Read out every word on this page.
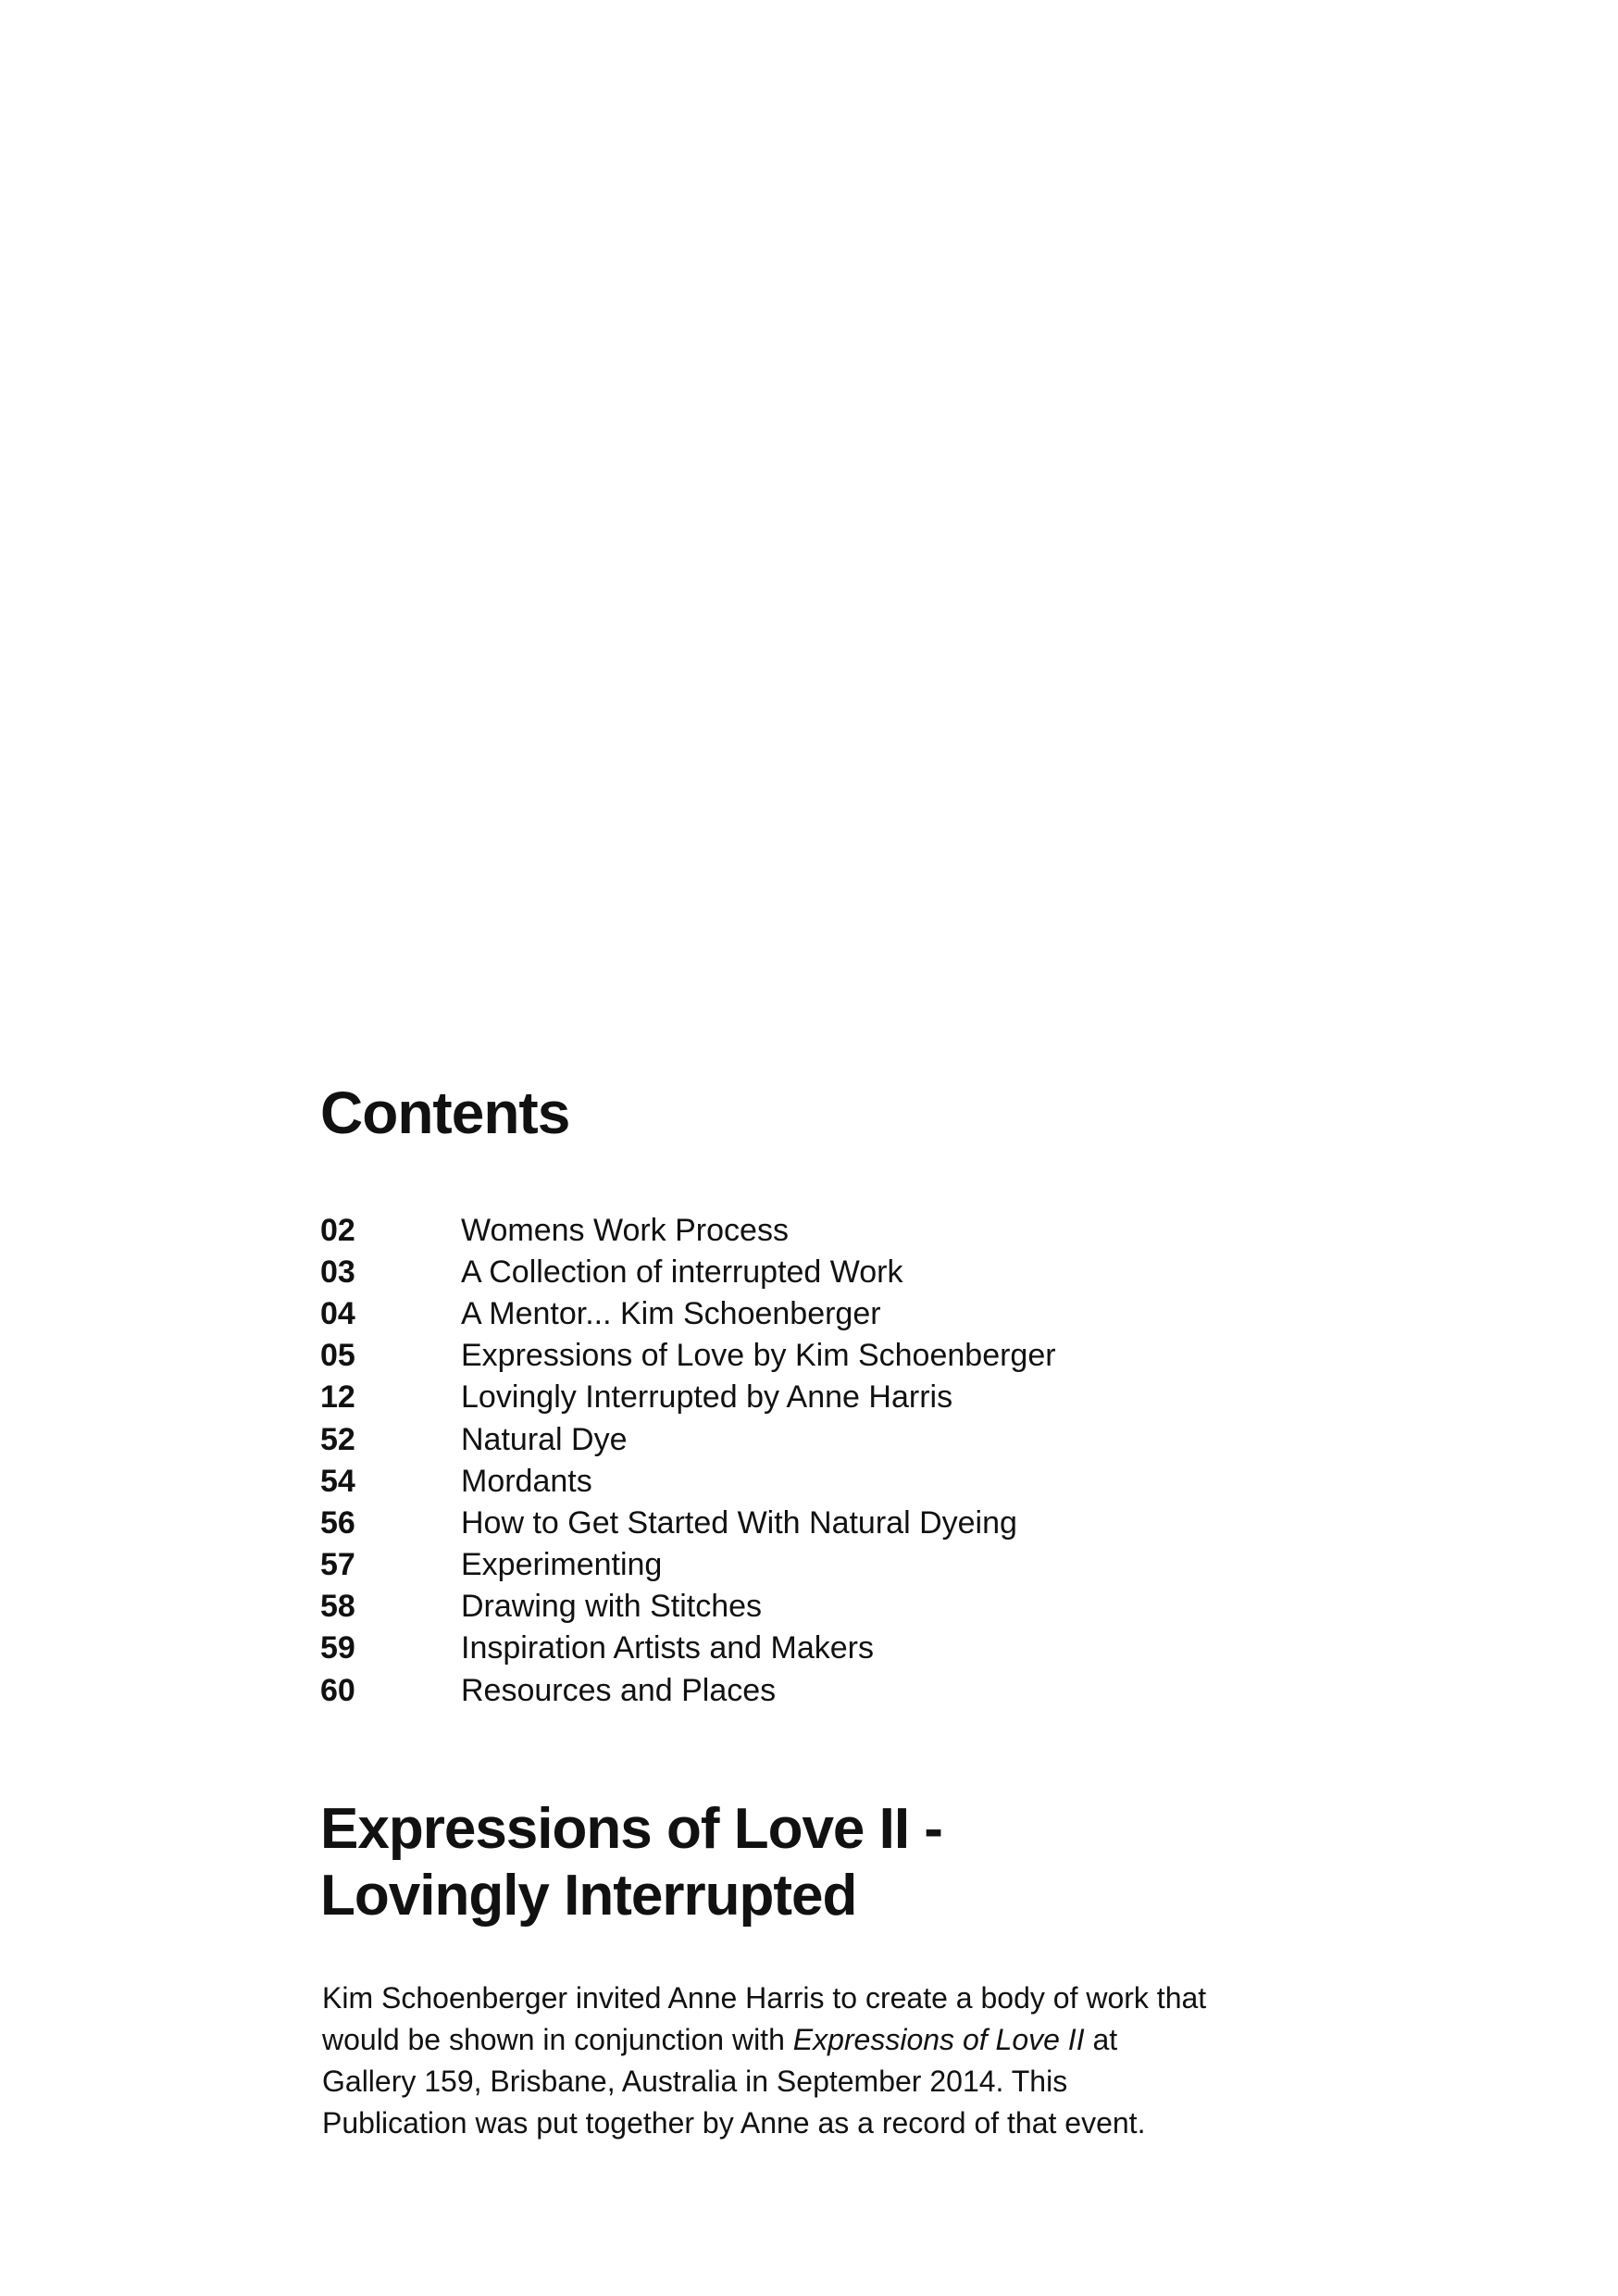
Contents
02	Womens Work Process
03	A Collection of interrupted Work
04	A Mentor... Kim Schoenberger
05	Expressions of Love by Kim Schoenberger
12	Lovingly Interrupted by Anne Harris
52	Natural Dye
54	Mordants
56	How to Get Started With Natural Dyeing
57	Experimenting
58	Drawing with Stitches
59	Inspiration Artists and Makers
60	Resources and Places
Expressions of Love II -
Lovingly Interrupted

Kim Schoenberger invited Anne Harris to create a body of work that would be shown in conjunction with Expressions of Love II at Gallery 159, Brisbane, Australia in September 2014. This Publication was put together by Anne as a record of that event.
